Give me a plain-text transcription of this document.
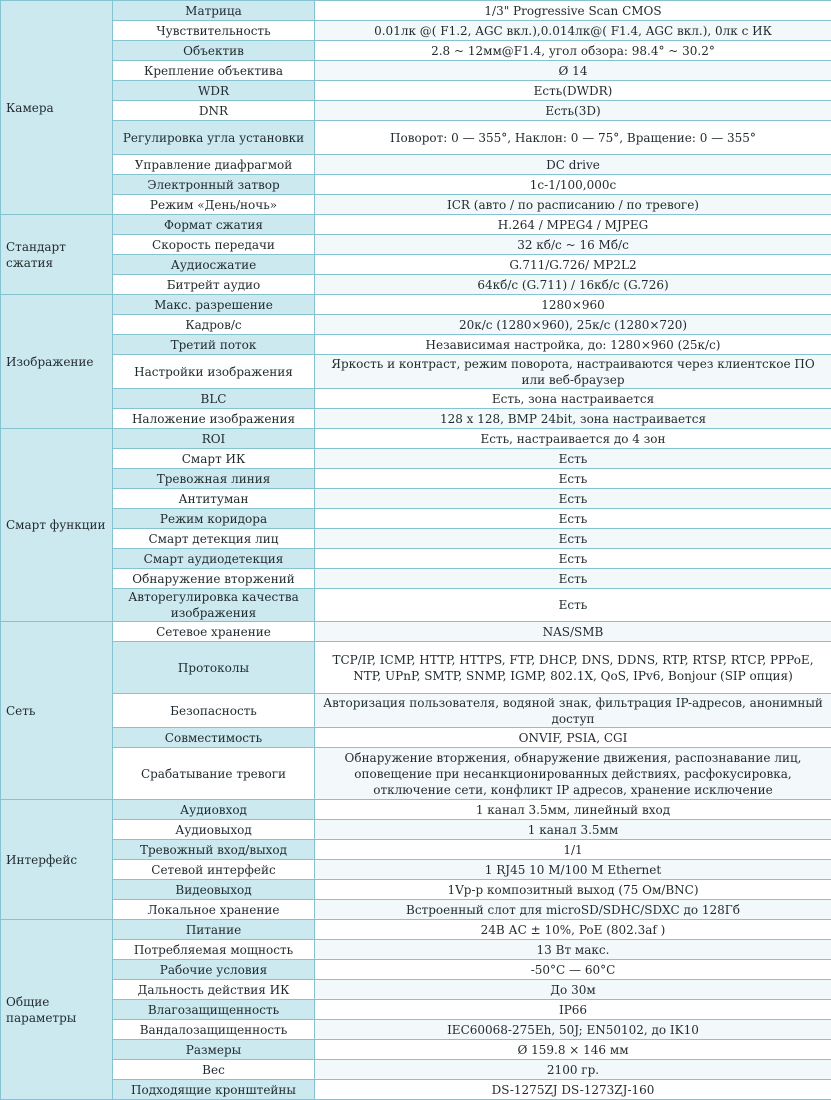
Камера	Матрица	1/3" Progressive Scan CMOS
	Чувствительность	0.01лк @( F1.2, AGC вкл.),0.014лк@( F1.4, AGC вкл.), 0лк с ИК
	Объектив	2.8 ~ 12мм@F1.4, угол обзора: 98.4° ~ 30.2°
	Крепление объектива	Ø 14
	WDR	Есть(DWDR)
	DNR	Есть(3D)
	Регулировка угла установки	Поворот: 0 — 355°, Наклон: 0 — 75°, Вращение: 0 — 355°
	Управление диафрагмой	DC drive
	Электронный затвор	1с-1/100,000с
	Режим «День/ночь»	ICR (авто / по расписанию / по тревоге)
Стандарт сжатия	Формат сжатия	H.264 / MPEG4 / MJPEG
	Скорость передачи	32 кб/с ~ 16 Мб/с
	Аудиосжатие	G.711/G.726/ MP2L2
	Битрейт аудио	64кб/с (G.711) / 16кб/с (G.726)
Изображение	Макс. разрешение	1280×960
	Кадров/с	20к/с (1280×960), 25к/с (1280×720)
	Третий поток	Независимая настройка, до: 1280×960 (25к/с)
	Настройки изображения	Яркость и контраст, режим поворота, настраиваются через клиентское ПО или веб-браузер
	BLC	Есть, зона настраивается
	Наложение изображения	128 x 128, BMP 24bit, зона настраивается
Смарт функции	ROI	Есть, настраивается до 4 зон
	Смарт ИК	Есть
	Тревожная линия	Есть
	Антитуман	Есть
	Режим коридора	Есть
	Смарт детекция лиц	Есть
	Смарт аудиодетекция	Есть
	Обнаружение вторжений	Есть
	Авторегулировка качества изображения	Есть
Сеть	Сетевое хранение	NAS/SMB
	Протоколы	TCP/IP, ICMP, HTTP, HTTPS, FTP, DHCP, DNS, DDNS, RTP, RTSP, RTCP, PPPoE, NTP, UPnP, SMTP, SNMP, IGMP, 802.1X, QoS, IPv6, Bonjour (SIP опция)
	Безопасность	Авторизация пользователя, водяной знак, фильтрация IP-адресов, анонимный доступ
	Совместимость	ONVIF, PSIA, CGI
	Срабатывание тревоги	Обнаружение вторжения, обнаружение движения, распознавание лиц, оповещение при несанкционированных действиях, расфокусировка, отключение сети, конфликт IP адресов, хранение исключение
Интерфейс	Аудиовход	1 канал 3.5мм, линейный вход
	Аудиовыход	1 канал 3.5мм
	Тревожный вход/выход	1/1
	Сетевой интерфейс	1 RJ45 10 M/100 M Ethernet
	Видеовыход	1Vp-p композитный выход (75 Ом/BNC)
	Локальное хранение	Встроенный слот для microSD/SDHC/SDXC до 128Гб
Общие параметры	Питание	24В АС ± 10%, PoE (802.3af )
	Потребляемая мощность	13 Вт макс.
	Рабочие условия	-50°С — 60°С
	Дальность действия ИК	До 30м
	Влагозащищенность	IP66
	Вандалозащищенность	IEC60068-275Eh, 50J; EN50102, до IK10
	Размеры	Ø 159.8 × 146 мм
	Вес	2100 гр.
	Подходящие кронштейны	DS-1275ZJ DS-1273ZJ-160
